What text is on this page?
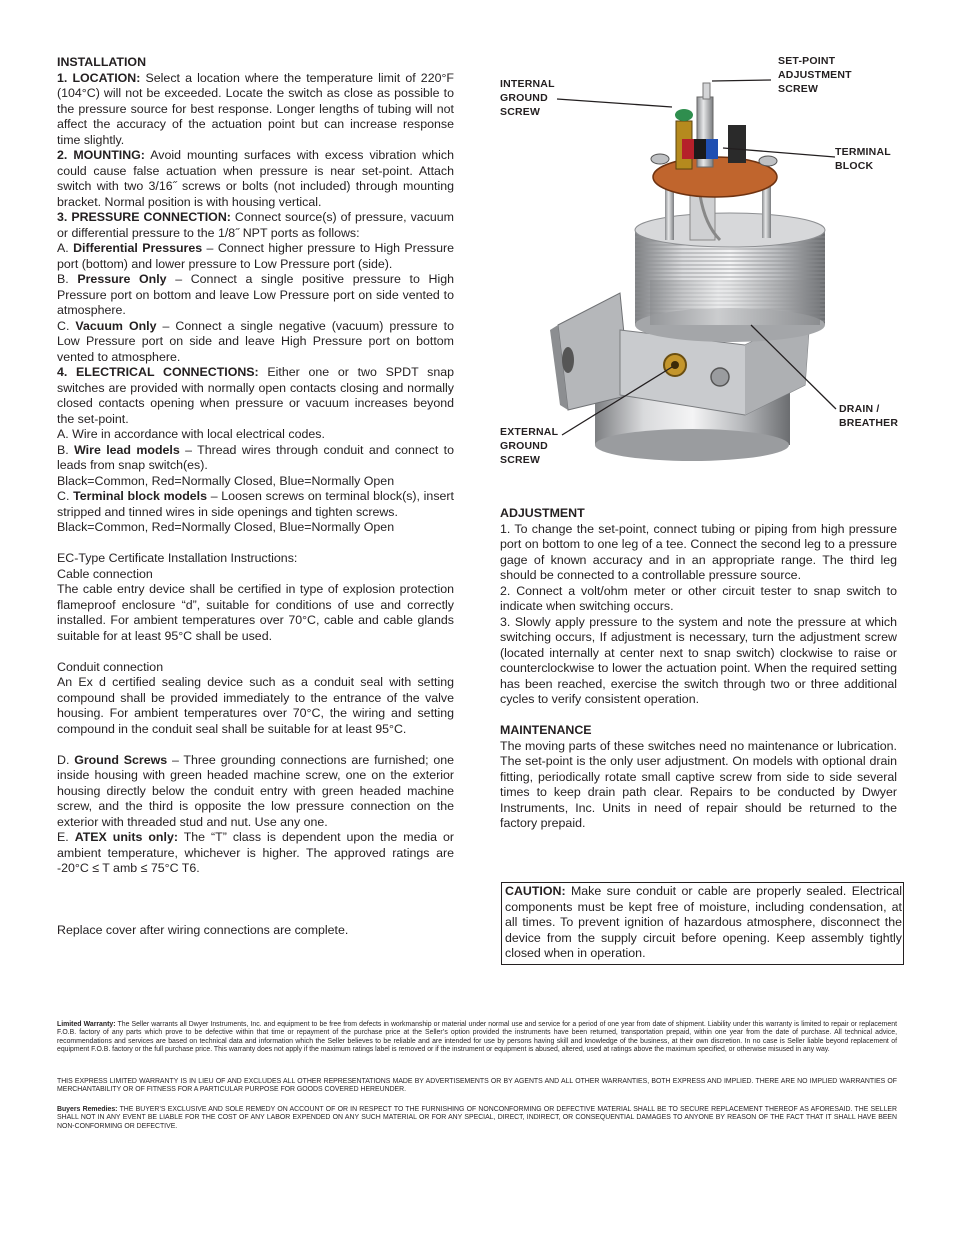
INSTALLATION

1. LOCATION: Select a location where the temperature limit of 220°F (104°C) will not be exceeded. Locate the switch as close as possible to the pressure source for best response. Longer lengths of tubing will not affect the accuracy of the actuation point but can increase response time slightly.

2. MOUNTING: Avoid mounting surfaces with excess vibration which could cause false actuation when pressure is near set-point. Attach switch with two 3/16˝ screws or bolts (not included) through mounting bracket. Normal position is with housing vertical.

3. PRESSURE CONNECTION: Connect source(s) of pressure, vacuum or differential pressure to the 1/8˝ NPT ports as follows:

A. Differential Pressures – Connect higher pressure to High Pressure port (bottom) and lower pressure to Low Pressure port (side).

B. Pressure Only – Connect a single positive pressure to High Pressure port on bottom and leave Low Pressure port on side vented to atmosphere.

C. Vacuum Only – Connect a single negative (vacuum) pressure to Low Pressure port on side and leave High Pressure port on bottom vented to atmosphere.

4. ELECTRICAL CONNECTIONS: Either one or two SPDT snap switches are provided with normally open contacts closing and normally closed contacts opening when pressure or vacuum increases beyond the set-point.

A. Wire in accordance with local electrical codes.

B. Wire lead models – Thread wires through conduit and connect to leads from snap switch(es).

Black=Common, Red=Normally Closed, Blue=Normally Open

C. Terminal block models – Loosen screws on terminal block(s), insert stripped and tinned wires in side openings and tighten screws.

Black=Common, Red=Normally Closed, Blue=Normally Open

EC-Type Certificate Installation Instructions:

Cable connection

The cable entry device shall be certified in type of explosion protection flameproof enclosure “d”, suitable for conditions of use and correctly installed. For ambient temperatures over 70°C, cable and cable glands suitable for at least 95°C shall be used.

Conduit connection

An Ex d certified sealing device such as a conduit seal with setting compound shall be provided immediately to the entrance of the valve housing. For ambient temperatures over 70°C, the wiring and setting compound in the conduit seal shall be suitable for at least 95°C.

D. Ground Screws – Three grounding connections are furnished; one inside housing with green headed machine screw, one on the exterior housing directly below the conduit entry with green headed machine screw, and the third is opposite the low pressure connection on the exterior with threaded stud and nut. Use any one.

E. ATEX units only: The “T” class is dependent upon the media or ambient temperature, whichever is higher. The approved ratings are -20°C ≤ T amb ≤ 75°C T6.

Replace cover after wiring connections are complete.

INTERNAL GROUND SCREW
SET-POINT ADJUSTMENT SCREW
TERMINAL BLOCK
EXTERNAL GROUND SCREW
DRAIN / BREATHER

ADJUSTMENT

1. To change the set-point, connect tubing or piping from high pressure port on bottom to one leg of a tee. Connect the second leg to a pressure gage of known accuracy and in an appropriate range. The third leg should be connected to a controllable pressure source.

2. Connect a volt/ohm meter or other circuit tester to snap switch to indicate when switching occurs.

3. Slowly apply pressure to the system and note the pressure at which switching occurs, If adjustment is necessary, turn the adjustment screw (located internally at center next to snap switch) clockwise to raise or counterclockwise to lower the actuation point. When the required setting has been reached, exercise the switch through two or three additional cycles to verify consistent operation.

MAINTENANCE

The moving parts of these switches need no maintenance or lubrication. The set-point is the only user adjustment. On models with optional drain fitting, periodically rotate small captive screw from side to side several times to keep drain path clear. Repairs to be conducted by Dwyer Instruments, Inc. Units in need of repair should be returned to the factory prepaid.

CAUTION: Make sure conduit or cable are properly sealed. Electrical components must be kept free of moisture, including condensation, at all times. To prevent ignition of hazardous atmosphere, disconnect the device from the supply circuit before opening. Keep assembly tightly closed when in operation.

Limited Warranty: The Seller warrants all Dwyer Instruments, Inc. and equipment to be free from defects in workmanship or material under normal use and service for a period of one year from date of shipment. Liability under this warranty is limited to repair or replacement F.O.B. factory of any parts which prove to be defective within that time or repayment of the purchase price at the Seller’s option provided the instruments have been returned, transportation prepaid, within one year from the date of purchase. All technical advice, recommendations and services are based on technical data and information which the Seller believes to be reliable and are intended for use by persons having skill and knowledge of the business, at their own discretion. In no case is Seller liable beyond replacement of equipment F.O.B. factory or the full purchase price. This warranty does not apply if the maximum ratings label is removed or if the instrument or equipment is abused, altered, used at ratings above the maximum specified, or otherwise misused in any way.

THIS EXPRESS LIMITED WARRANTY IS IN LIEU OF AND EXCLUDES ALL OTHER REPRESENTATIONS MADE BY ADVERTISEMENTS OR BY AGENTS AND ALL OTHER WARRANTIES, BOTH EXPRESS AND IMPLIED. THERE ARE NO IMPLIED WARRANTIES OF MERCHANTABILITY OR OF FITNESS FOR A PARTICULAR PURPOSE FOR GOODS COVERED HEREUNDER.

Buyers Remedies: THE BUYER’S EXCLUSIVE AND SOLE REMEDY ON ACCOUNT OF OR IN RESPECT TO THE FURNISHING OF NONCONFORMING OR DEFECTIVE MATERIAL SHALL BE TO SECURE REPLACEMENT THEREOF AS AFORESAID. THE SELLER SHALL NOT IN ANY EVENT BE LIABLE FOR THE COST OF ANY LABOR EXPENDED ON ANY SUCH MATERIAL OR FOR ANY SPECIAL, DIRECT, INDIRECT, OR CONSEQUENTIAL DAMAGES TO ANYONE BY REASON OF THE FACT THAT IT SHALL HAVE BEEN NON-CONFORMING OR DEFECTIVE.
